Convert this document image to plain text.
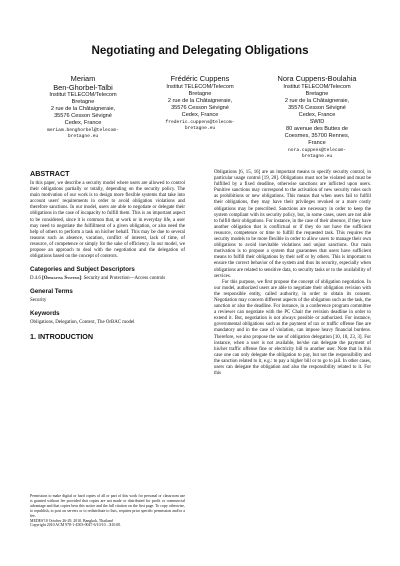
Negotiating and Delegating Obligations
Meriam
Ben-Ghorbel-Talbi
Institut TELECOM/Telecom
Bretagne
2 rue de la Châtaigneraie,
35576 Cesson Sévigné
Cedex, France
meriam.benghorbel@telecom-
bretagne.eu
Frédéric Cuppens
Institut TELECOM/Telecom
Bretagne
2 rue de la Châtaigneraie,
35576 Cesson Sévigné
Cedex, France
frederic.cuppens@telecom-
bretagne.eu
Nora Cuppens-Boulahia
Institut TELECOM/Telecom
Bretagne
2 rue de la Châtaigneraie,
35576 Cesson Sévigné
Cedex, France
SWID
80 avenue des Buttes de
Coesmes, 35700 Rennes,
France
nora.cuppens@telecom-
bretagne.eu
ABSTRACT
In this paper, we describe a security model where users are allowed to control their obligations partially or totally, depending on the security policy. The main motivation of our work is to design more flexible systems that take into account users' requirements in order to avoid obligation violations and therefore sanctions. In our model, users are able to negotiate or delegate their obligations in the case of incapacity to fulfill them. This is an important aspect to be considered, since it is common that, at work or in everyday life, a user may need to negotiate the fulfillment of a given obligation, or also need the help of others to perform a task on his/her behalf. This may be due to several reasons such as absence, vacation, conflict of interest, lack of time, of resource, of competence or simply for the sake of efficiency. In our model, we propose an approach to deal with the negotiation and the delegation of obligations based on the concept of contexts.
Categories and Subject Descriptors
D.4.6 [Operating Systems]: Security and Protection—Access controls
General Terms
Security
Keywords
Obligations, Delegation, Context, The OrBAC model
1. INTRODUCTION
Permission to make digital or hard copies of all or part of this work for personal or classroom use is granted without fee provided that copies are not made or distributed for profit or commercial advantage and that copies bear this notice and the full citation on the first page. To copy otherwise, to republish, to post on servers or to redistribute to lists, requires prior specific permission and/or a fee.
MEDES'10 October 26-29, 2010, Bangkok, Thailand
Copyright 2010 ACM 978-1-4503-0047-6/10/10 ...$10.00.
Obligations [6, 15, 16] are an important means to specify security control, in particular usage control [19, 20]. Obligations must not be violated and must be fulfilled by a fixed deadline, otherwise sanctions are inflicted upon users. Punitive sanctions may correspond to the activation of new security rules such as prohibitions or new obligations. This means that when users fail to fulfill their obligations, they may have their privileges revoked or a more costly obligations may be prescribed. Sanctions are necessary in order to keep the system compliant with its security policy, but, in some cases, users are not able to fulfill their obligations. For instance, in the case of their absence, if they have another obligation that is conflictual or if they do not have the sufficient resource, competence or time to fulfill the requested task. This requires the security models to be more flexible in order to allow users to manage their own obligations to avoid inevitable violations and unjust sanctions. Our main motivation is to propose a system that guarantees that users have sufficient means to fulfill their obligations by their self or by others. This is important to ensure the correct behavior of the system and thus its security, especially when obligations are related to sensitive data, to security tasks or to the availability of services.
For this purpose, we first propose the concept of obligation negotiation. In our model, authorized users are able to negotiate their obligation revision with the responsible entity, called authority, in order to obtain its consent. Negotiation may concern different aspects of the obligation such as the task, the sanction or also the deadline. For instance, in a conference program committee a reviewer can negotiate with the PC Chair the revision deadline in order to extend it. But, negotiation is not always possible or authorized. For instance, governmental obligations such as the payment of tax or traffic offense fine are mandatory and in the case of violation, can impose heavy financial burdens. Therefore, we also propose the use of obligation delegation [10, 18, 23, 3]. For instance, when a user is not available, he/she can delegate the payment of his/her traffic offense fine or electricity bill to another user. Note that in this case one can only delegate the obligation to pay, but not the responsibility and the sanction related to it, e.g.: to pay a higher bill or to go to jail. In other cases, users can delegate the obligation and also the responsibility related to it. For this
